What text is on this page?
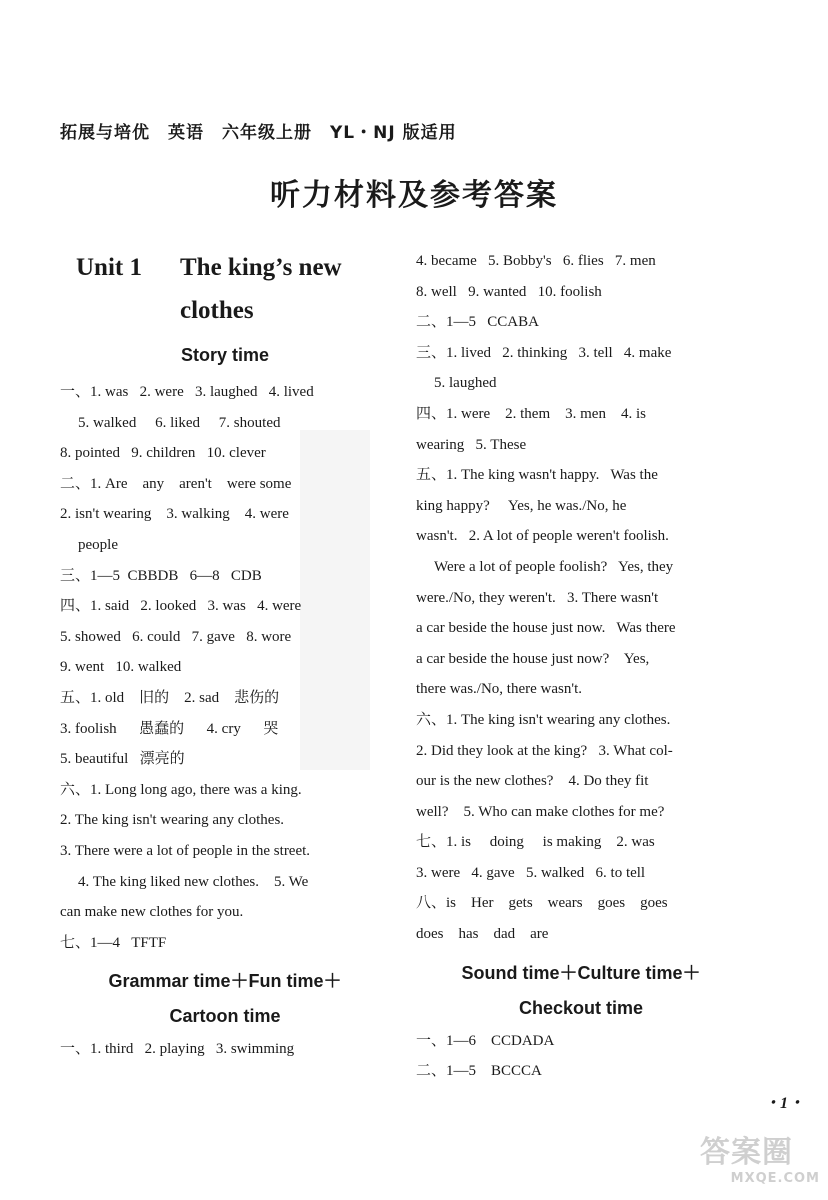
拓展与培优　英语　六年级上册　YL・NJ 版适用
听力材料及参考答案
Unit 1 The king’s new
clothes
Story time
一、1. was   2. were   3. laughed   4. lived
5. walked     6. liked     7. shouted
8. pointed   9. children   10. clever
二、1. Are    any    aren't    were some
2. isn't wearing    3. walking    4. were
people
三、1—5  CBBDB   6—8   CDB
四、1. said   2. looked   3. was   4. were
5. showed   6. could   7. gave   8. wore
9. went   10. walked
五、1. old    旧的    2. sad    悲伤的
3. foolish      愚蠢的      4. cry      哭
5. beautiful   漂亮的
六、1. Long long ago, there was a king.
2. The king isn't wearing any clothes.
3. There were a lot of people in the street.
4. The king liked new clothes.    5. We
can make new clothes for you.
七、1—4   TFTF
Grammar time＋Fun time＋
Cartoon time
一、1. third   2. playing   3. swimming
4. became   5. Bobby's   6. flies   7. men
8. well   9. wanted   10. foolish
二、1—5   CCABA
三、1. lived   2. thinking   3. tell   4. make
5. laughed
四、1. were    2. them    3. men    4. is
wearing   5. These
五、1. The king wasn't happy.   Was the
king happy?     Yes, he was./No, he
wasn't.   2. A lot of people weren't foolish.
Were a lot of people foolish?   Yes, they
were./No, they weren't.   3. There wasn't
a car beside the house just now.   Was there
a car beside the house just now?    Yes,
there was./No, there wasn't.
六、1. The king isn't wearing any clothes.
2. Did they look at the king?   3. What col-
our is the new clothes?    4. Do they fit
well?    5. Who can make clothes for me?
七、1. is     doing     is making    2. was
3. were   4. gave   5. walked   6. to tell
八、is    Her    gets    wears    goes    goes
does    has    dad    are
Sound time＋Culture time＋
Checkout time
一、1—6    CCDADA
二、1—5    BCCCA
・1・
答案圈
MXQE.COM
